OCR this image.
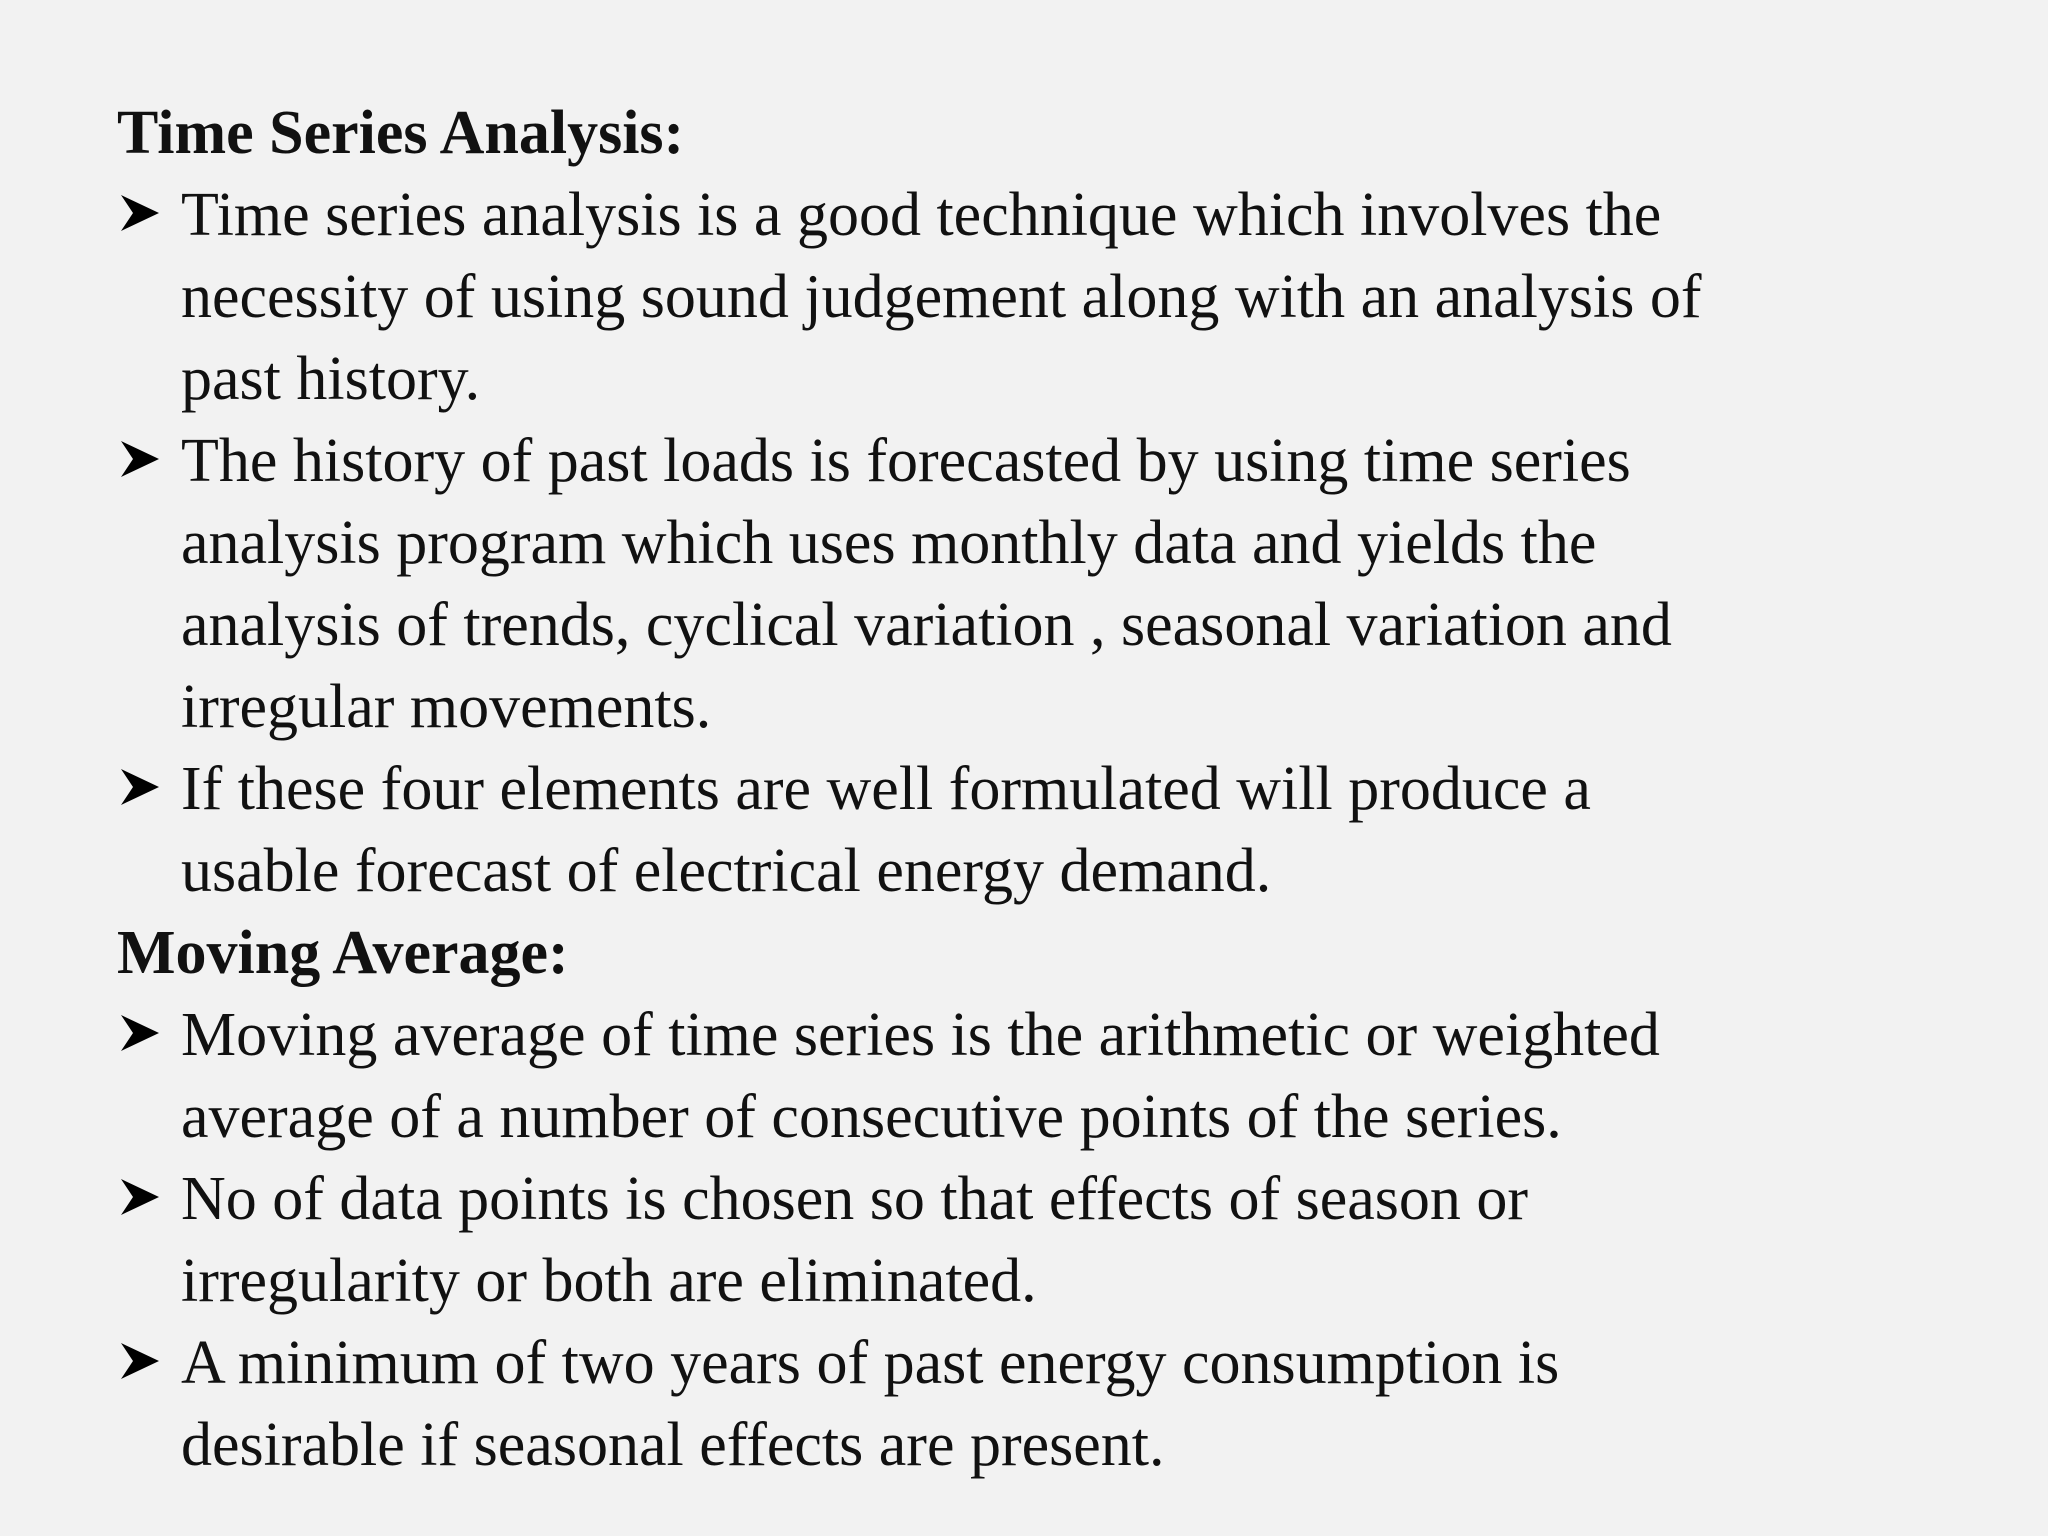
Time Series Analysis:
Time series analysis is a good technique which involves the
necessity of using sound judgement along with an analysis of
past history.
The history of past loads is forecasted by using time series
analysis program which uses monthly data and yields the
analysis of trends, cyclical variation , seasonal variation and
irregular movements.
If these four elements are well formulated will produce a
usable forecast of electrical energy demand.
Moving Average:
Moving average of time series is the arithmetic or weighted
average of a number of consecutive points of the series.
No of data points is chosen so that effects of season or
irregularity or both are eliminated.
A minimum of two years of past energy consumption is
desirable if seasonal effects are present.
